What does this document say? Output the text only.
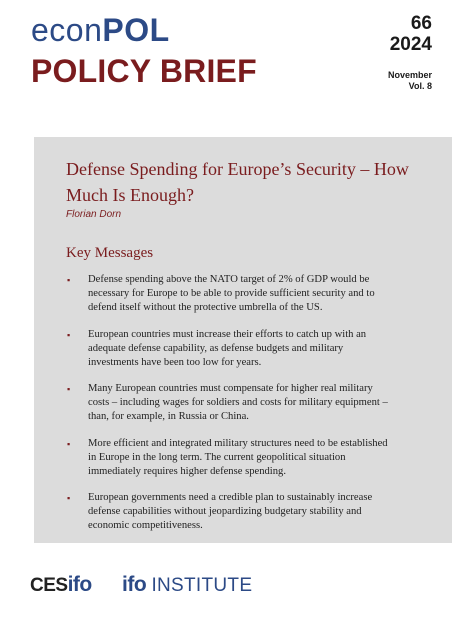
econPOL
POLICY BRIEF
66
2024
November
Vol. 8
Defense Spending for Europe’s Security – How Much Is Enough?
Florian Dorn
Key Messages
▪ Defense spending above the NATO target of 2% of GDP would be necessary for Europe to be able to provide sufficient security and to defend itself without the protective umbrella of the US.
▪ European countries must increase their efforts to catch up with an adequate defense capability, as defense budgets and military investments have been too low for years.
▪ Many European countries must compensate for higher real military costs – including wages for soldiers and costs for military equipment – than, for example, in Russia or China.
▪ More efficient and integrated military structures need to be established in Europe in the long term. The current geopolitical situation immediately requires higher defense spending.
▪ European governments need a credible plan to sustainably increase defense capabilities without jeopardizing budgetary stability and economic competitiveness.
CESifo ifo INSTITUTE
